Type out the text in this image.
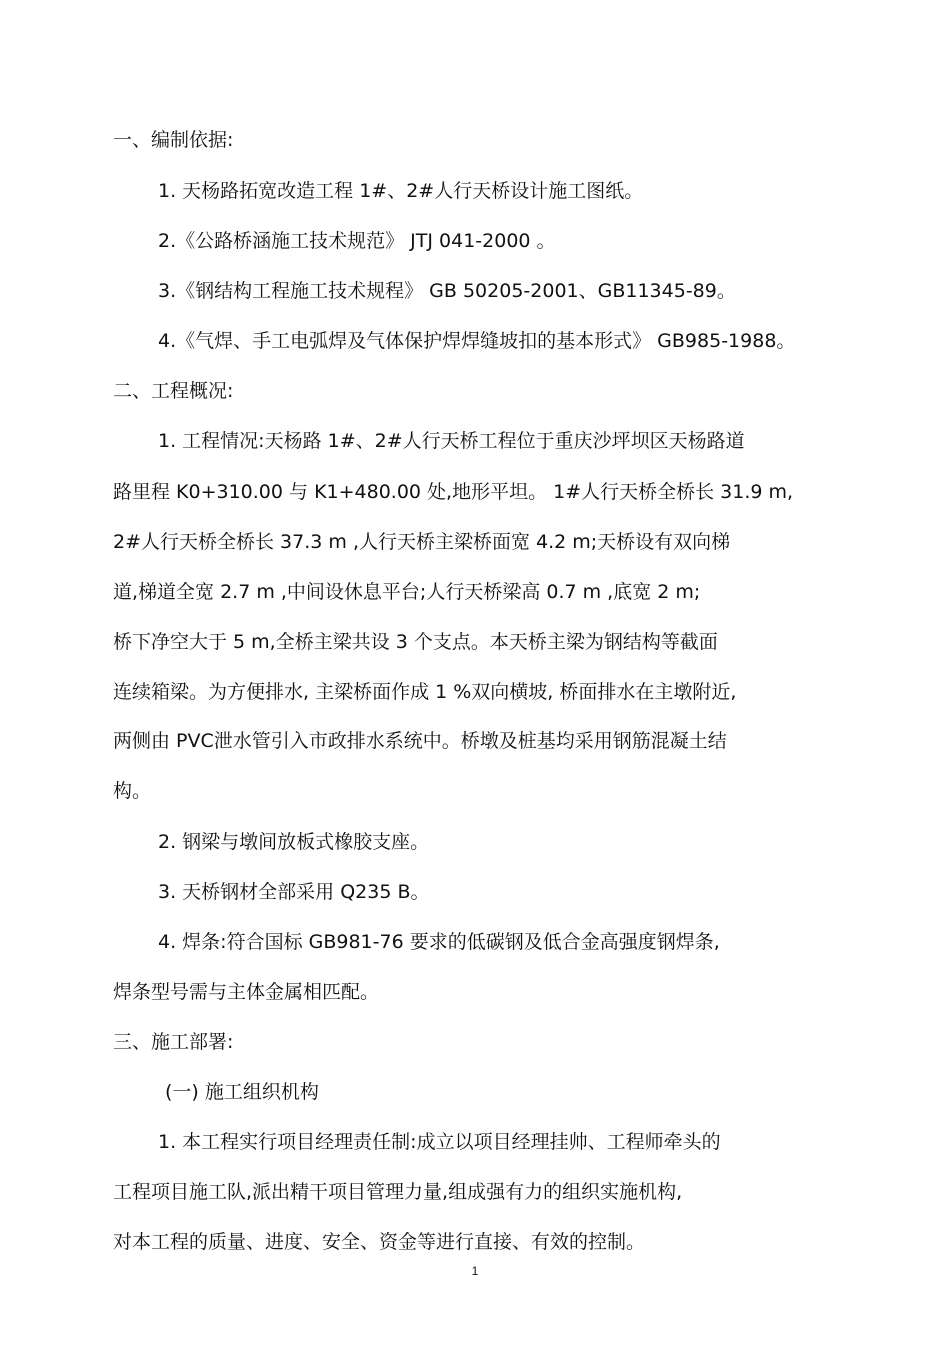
一、编制依据:
1. 天杨路拓宽改造工程 1#、2#人行天桥设计施工图纸。
2.《公路桥涵施工技术规范》 JTJ 041-2000 。
3.《钢结构工程施工技术规程》 GB 50205-2001、GB11345-89。
4.《气焊、手工电弧焊及气体保护焊焊缝坡扣的基本形式》 GB985-1988。
二、工程概况:
1. 工程情况:天杨路 1#、2#人行天桥工程位于重庆沙坪坝区天杨路道
路里程 K0+310.00 与 K1+480.00 处,地形平坦。 1#人行天桥全桥长 31.9 m,
2#人行天桥全桥长 37.3 m ,人行天桥主梁桥面宽 4.2 m;天桥设有双向梯
道,梯道全宽 2.7 m ,中间设休息平台;人行天桥梁高 0.7 m ,底宽 2 m;
桥下净空大于 5 m,全桥主梁共设 3 个支点。本天桥主梁为钢结构等截面
连续箱梁。为方便排水, 主梁桥面作成 1 %双向横坡, 桥面排水在主墩附近,
两侧由 PVC泄水管引入市政排水系统中。桥墩及桩基均采用钢筋混凝土结
构。
2. 钢梁与墩间放板式橡胶支座。
3. 天桥钢材全部采用 Q235 B。
4. 焊条:符合国标 GB981-76 要求的低碳钢及低合金高强度钢焊条,
焊条型号需与主体金属相匹配。
三、施工部署:
(一) 施工组织机构
1. 本工程实行项目经理责任制:成立以项目经理挂帅、工程师牵头的
工程项目施工队,派出精干项目管理力量,组成强有力的组织实施机构,
对本工程的质量、进度、安全、资金等进行直接、有效的控制。
1
